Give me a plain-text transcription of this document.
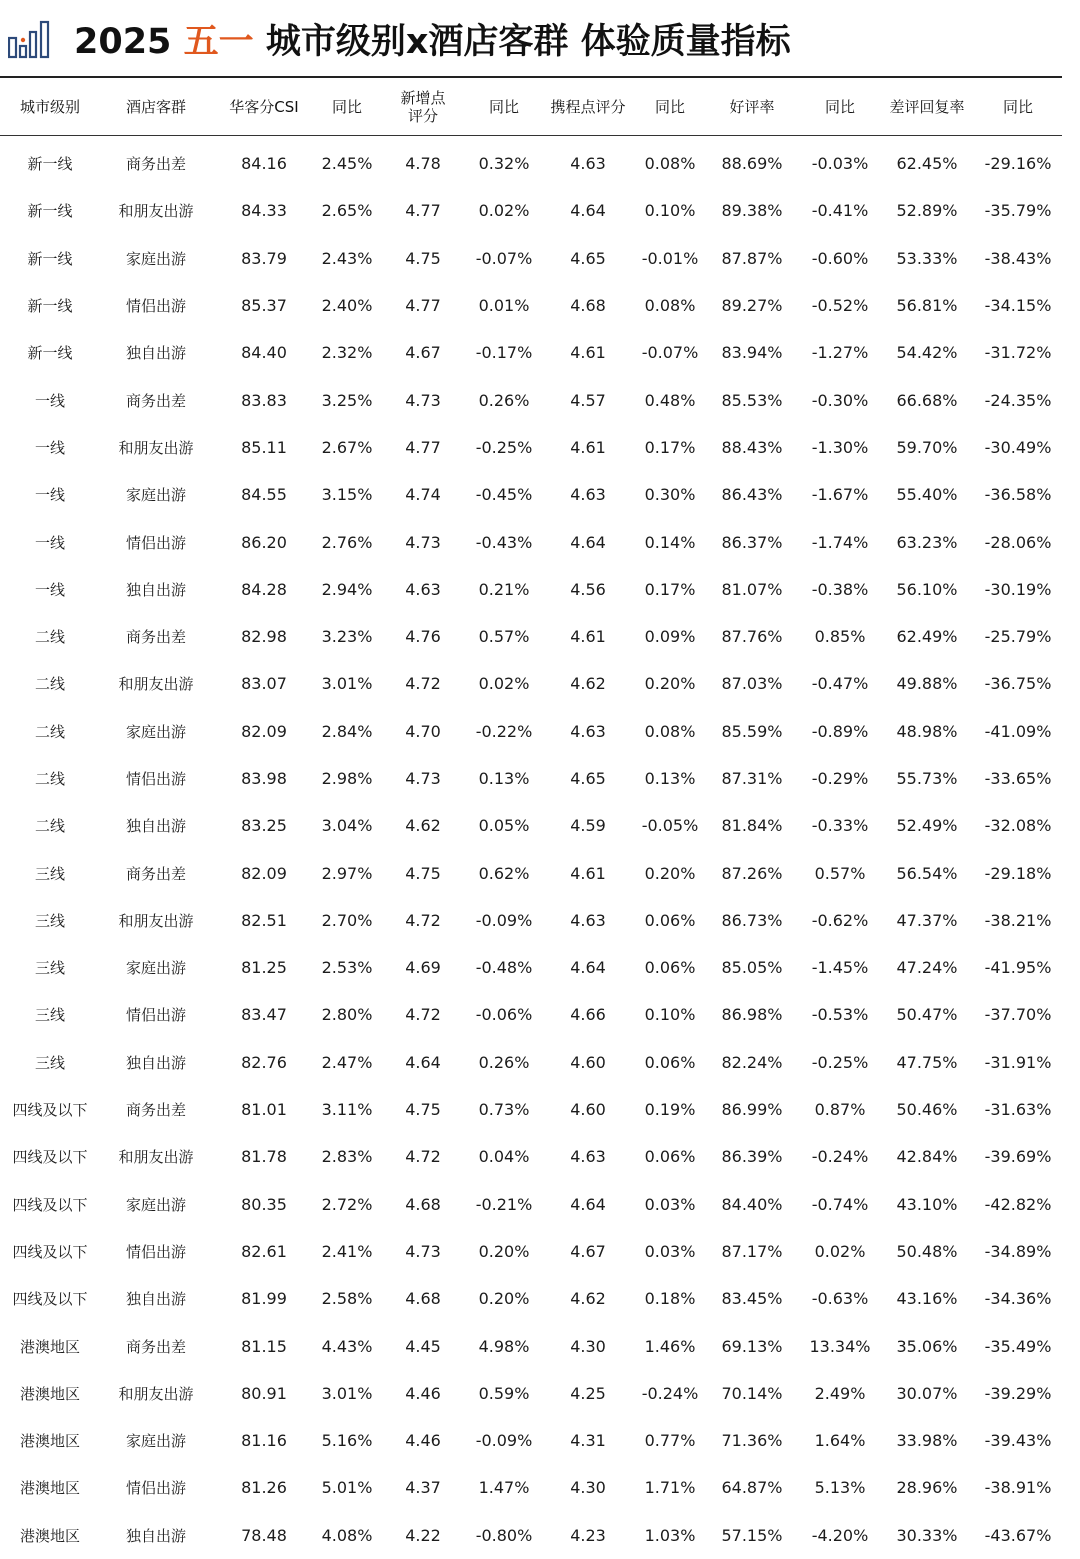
2025 五一 城市级别x酒店客群 体验质量指标
城市级别	酒店客群	华客分CSI	同比	新增点评分	同比	携程点评分	同比	好评率	同比	差评回复率	同比
新一线	商务出差	84.16	2.45%	4.78	0.32%	4.63	0.08%	88.69%	-0.03%	62.45%	-29.16%
新一线	和朋友出游	84.33	2.65%	4.77	0.02%	4.64	0.10%	89.38%	-0.41%	52.89%	-35.79%
新一线	家庭出游	83.79	2.43%	4.75	-0.07%	4.65	-0.01%	87.87%	-0.60%	53.33%	-38.43%
新一线	情侣出游	85.37	2.40%	4.77	0.01%	4.68	0.08%	89.27%	-0.52%	56.81%	-34.15%
新一线	独自出游	84.40	2.32%	4.67	-0.17%	4.61	-0.07%	83.94%	-1.27%	54.42%	-31.72%
一线	商务出差	83.83	3.25%	4.73	0.26%	4.57	0.48%	85.53%	-0.30%	66.68%	-24.35%
一线	和朋友出游	85.11	2.67%	4.77	-0.25%	4.61	0.17%	88.43%	-1.30%	59.70%	-30.49%
一线	家庭出游	84.55	3.15%	4.74	-0.45%	4.63	0.30%	86.43%	-1.67%	55.40%	-36.58%
一线	情侣出游	86.20	2.76%	4.73	-0.43%	4.64	0.14%	86.37%	-1.74%	63.23%	-28.06%
一线	独自出游	84.28	2.94%	4.63	0.21%	4.56	0.17%	81.07%	-0.38%	56.10%	-30.19%
二线	商务出差	82.98	3.23%	4.76	0.57%	4.61	0.09%	87.76%	0.85%	62.49%	-25.79%
二线	和朋友出游	83.07	3.01%	4.72	0.02%	4.62	0.20%	87.03%	-0.47%	49.88%	-36.75%
二线	家庭出游	82.09	2.84%	4.70	-0.22%	4.63	0.08%	85.59%	-0.89%	48.98%	-41.09%
二线	情侣出游	83.98	2.98%	4.73	0.13%	4.65	0.13%	87.31%	-0.29%	55.73%	-33.65%
二线	独自出游	83.25	3.04%	4.62	0.05%	4.59	-0.05%	81.84%	-0.33%	52.49%	-32.08%
三线	商务出差	82.09	2.97%	4.75	0.62%	4.61	0.20%	87.26%	0.57%	56.54%	-29.18%
三线	和朋友出游	82.51	2.70%	4.72	-0.09%	4.63	0.06%	86.73%	-0.62%	47.37%	-38.21%
三线	家庭出游	81.25	2.53%	4.69	-0.48%	4.64	0.06%	85.05%	-1.45%	47.24%	-41.95%
三线	情侣出游	83.47	2.80%	4.72	-0.06%	4.66	0.10%	86.98%	-0.53%	50.47%	-37.70%
三线	独自出游	82.76	2.47%	4.64	0.26%	4.60	0.06%	82.24%	-0.25%	47.75%	-31.91%
四线及以下	商务出差	81.01	3.11%	4.75	0.73%	4.60	0.19%	86.99%	0.87%	50.46%	-31.63%
四线及以下	和朋友出游	81.78	2.83%	4.72	0.04%	4.63	0.06%	86.39%	-0.24%	42.84%	-39.69%
四线及以下	家庭出游	80.35	2.72%	4.68	-0.21%	4.64	0.03%	84.40%	-0.74%	43.10%	-42.82%
四线及以下	情侣出游	82.61	2.41%	4.73	0.20%	4.67	0.03%	87.17%	0.02%	50.48%	-34.89%
四线及以下	独自出游	81.99	2.58%	4.68	0.20%	4.62	0.18%	83.45%	-0.63%	43.16%	-34.36%
港澳地区	商务出差	81.15	4.43%	4.45	4.98%	4.30	1.46%	69.13%	13.34%	35.06%	-35.49%
港澳地区	和朋友出游	80.91	3.01%	4.46	0.59%	4.25	-0.24%	70.14%	2.49%	30.07%	-39.29%
港澳地区	家庭出游	81.16	5.16%	4.46	-0.09%	4.31	0.77%	71.36%	1.64%	33.98%	-39.43%
港澳地区	情侣出游	81.26	5.01%	4.37	1.47%	4.30	1.71%	64.87%	5.13%	28.96%	-38.91%
港澳地区	独自出游	78.48	4.08%	4.22	-0.80%	4.23	1.03%	57.15%	-4.20%	30.33%	-43.67%
